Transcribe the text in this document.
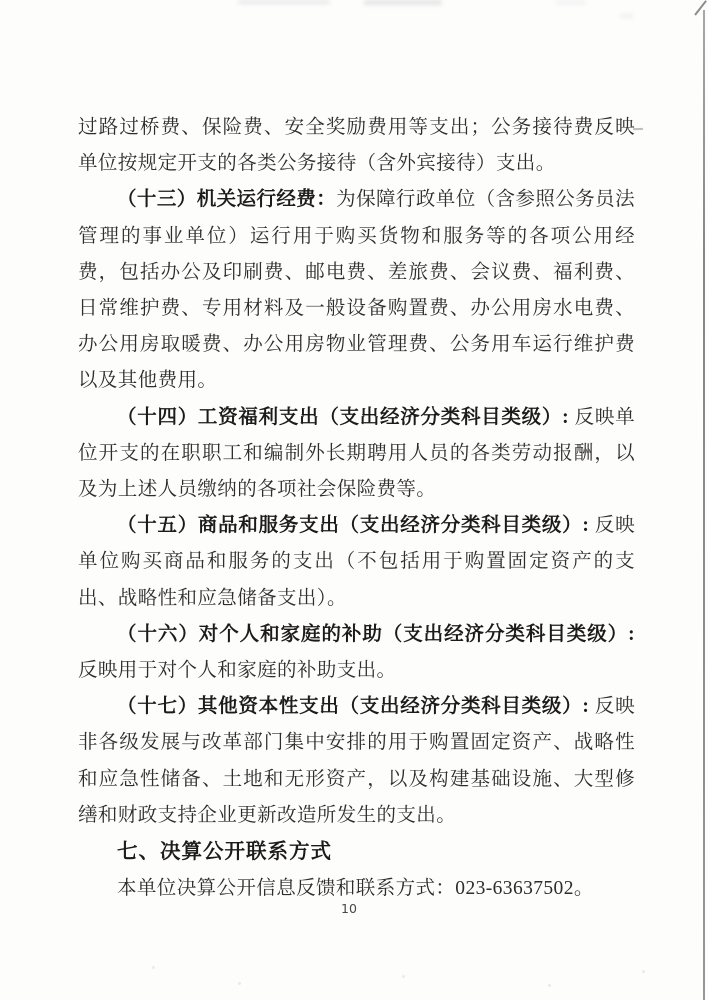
过路过桥费、保险费、安全奖励费用等支出；公务接待费反映单位按规定开支的各类公务接待（含外宾接待）支出。

（十三）机关运行经费：为保障行政单位（含参照公务员法管理的事业单位）运行用于购买货物和服务等的各项公用经费，包括办公及印刷费、邮电费、差旅费、会议费、福利费、日常维护费、专用材料及一般设备购置费、办公用房水电费、办公用房取暖费、办公用房物业管理费、公务用车运行维护费以及其他费用。

（十四）工资福利支出（支出经济分类科目类级）: 反映单位开支的在职职工和编制外长期聘用人员的各类劳动报酬，以及为上述人员缴纳的各项社会保险费等。

（十五）商品和服务支出（支出经济分类科目类级）: 反映单位购买商品和服务的支出（不包括用于购置固定资产的支出、战略性和应急储备支出）。

（十六）对个人和家庭的补助（支出经济分类科目类级）: 反映用于对个人和家庭的补助支出。

（十七）其他资本性支出（支出经济分类科目类级）: 反映非各级发展与改革部门集中安排的用于购置固定资产、战略性和应急性储备、土地和无形资产，以及构建基础设施、大型修缮和财政支持企业更新改造所发生的支出。

七、决算公开联系方式

本单位决算公开信息反馈和联系方式：023-63637502。

10
